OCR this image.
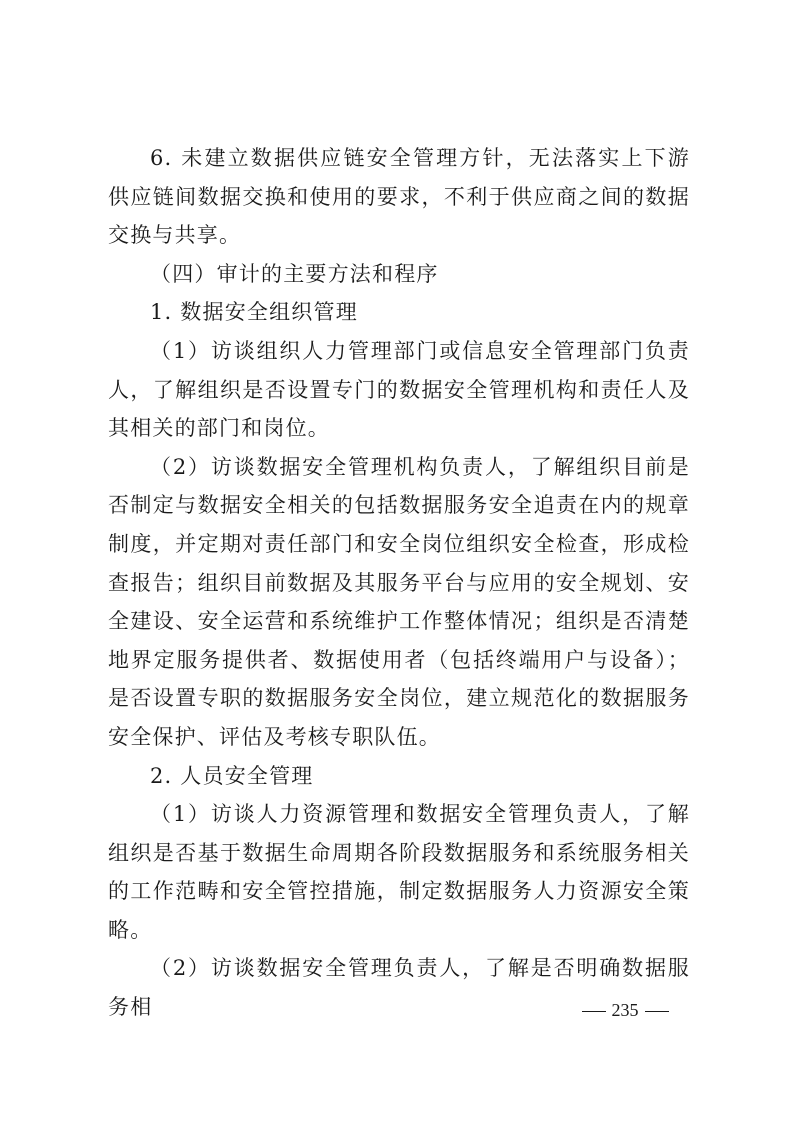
6. 未建立数据供应链安全管理方针，无法落实上下游供应链间数据交换和使用的要求，不利于供应商之间的数据交换与共享。

（四）审计的主要方法和程序

1. 数据安全组织管理

（1）访谈组织人力管理部门或信息安全管理部门负责人，了解组织是否设置专门的数据安全管理机构和责任人及其相关的部门和岗位。

（2）访谈数据安全管理机构负责人，了解组织目前是否制定与数据安全相关的包括数据服务安全追责在内的规章制度，并定期对责任部门和安全岗位组织安全检查，形成检查报告；组织目前数据及其服务平台与应用的安全规划、安全建设、安全运营和系统维护工作整体情况；组织是否清楚地界定服务提供者、数据使用者（包括终端用户与设备）；是否设置专职的数据服务安全岗位，建立规范化的数据服务安全保护、评估及考核专职队伍。

2. 人员安全管理

（1）访谈人力资源管理和数据安全管理负责人，了解组织是否基于数据生命周期各阶段数据服务和系统服务相关的工作范畴和安全管控措施，制定数据服务人力资源安全策略。

（2）访谈数据安全管理负责人，了解是否明确数据服务相	235
